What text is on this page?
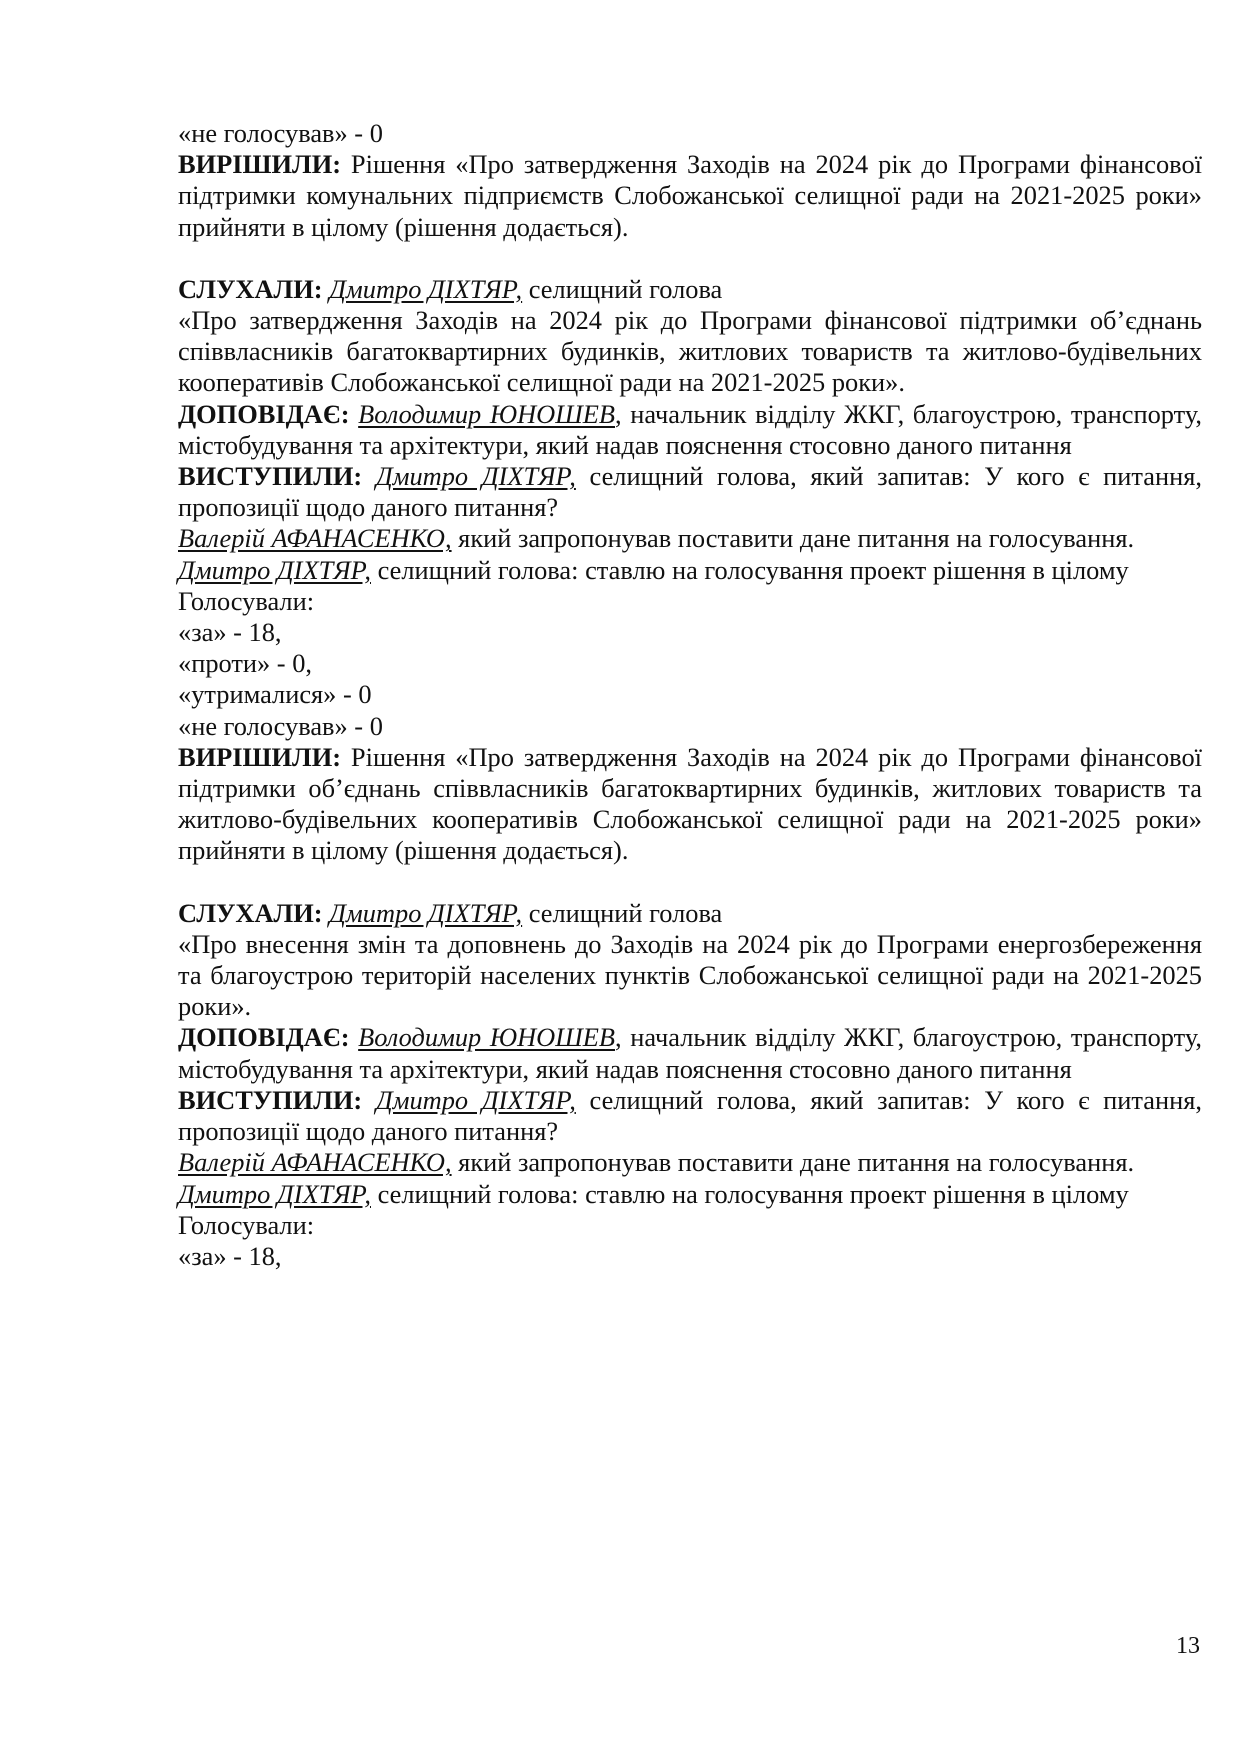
«не голосував» - 0

ВИРІШИЛИ: Рішення «Про затвердження Заходів на 2024 рік до Програми фінансової підтримки комунальних підприємств Слобожанської селищної ради на 2021-2025 роки» прийняти в цілому (рішення додається).

СЛУХАЛИ: Дмитро ДІХТЯР, селищний голова

«Про затвердження Заходів на 2024 рік до Програми фінансової підтримки об’єднань співвласників багатоквартирних будинків, житлових товариств та житлово-будівельних кооперативів Слобожанської селищної ради на 2021-2025 роки».

ДОПОВІДАЄ: Володимир ЮНОШЕВ, начальник відділу ЖКГ, благоустрою, транспорту, містобудування та архітектури, який надав пояснення стосовно даного питання

ВИСТУПИЛИ: Дмитро ДІХТЯР, селищний голова, який запитав: У кого є питання, пропозиції щодо даного питання?

Валерій АФАНАСЕНКО, який запропонував поставити дане питання на голосування.

Дмитро ДІХТЯР, селищний голова: ставлю на голосування проект рішення в цілому

Голосували:

«за» - 18,

«проти» - 0,

«утрималися» - 0

«не голосував» - 0

ВИРІШИЛИ: Рішення «Про затвердження Заходів на 2024 рік до Програми фінансової підтримки об’єднань співвласників багатоквартирних будинків, житлових товариств та житлово-будівельних кооперативів Слобожанської селищної ради на 2021-2025 роки» прийняти в цілому (рішення додається).

СЛУХАЛИ: Дмитро ДІХТЯР, селищний голова

«Про внесення змін та доповнень до Заходів на 2024 рік до Програми енергозбереження та благоустрою територій населених пунктів Слобожанської селищної ради на 2021-2025 роки».

ДОПОВІДАЄ: Володимир ЮНОШЕВ, начальник відділу ЖКГ, благоустрою, транспорту, містобудування та архітектури, який надав пояснення стосовно даного питання

ВИСТУПИЛИ: Дмитро ДІХТЯР, селищний голова, який запитав: У кого є питання, пропозиції щодо даного питання?

Валерій АФАНАСЕНКО, який запропонував поставити дане питання на голосування.

Дмитро ДІХТЯР, селищний голова: ставлю на голосування проект рішення в цілому

Голосували:

«за» - 18,

13
